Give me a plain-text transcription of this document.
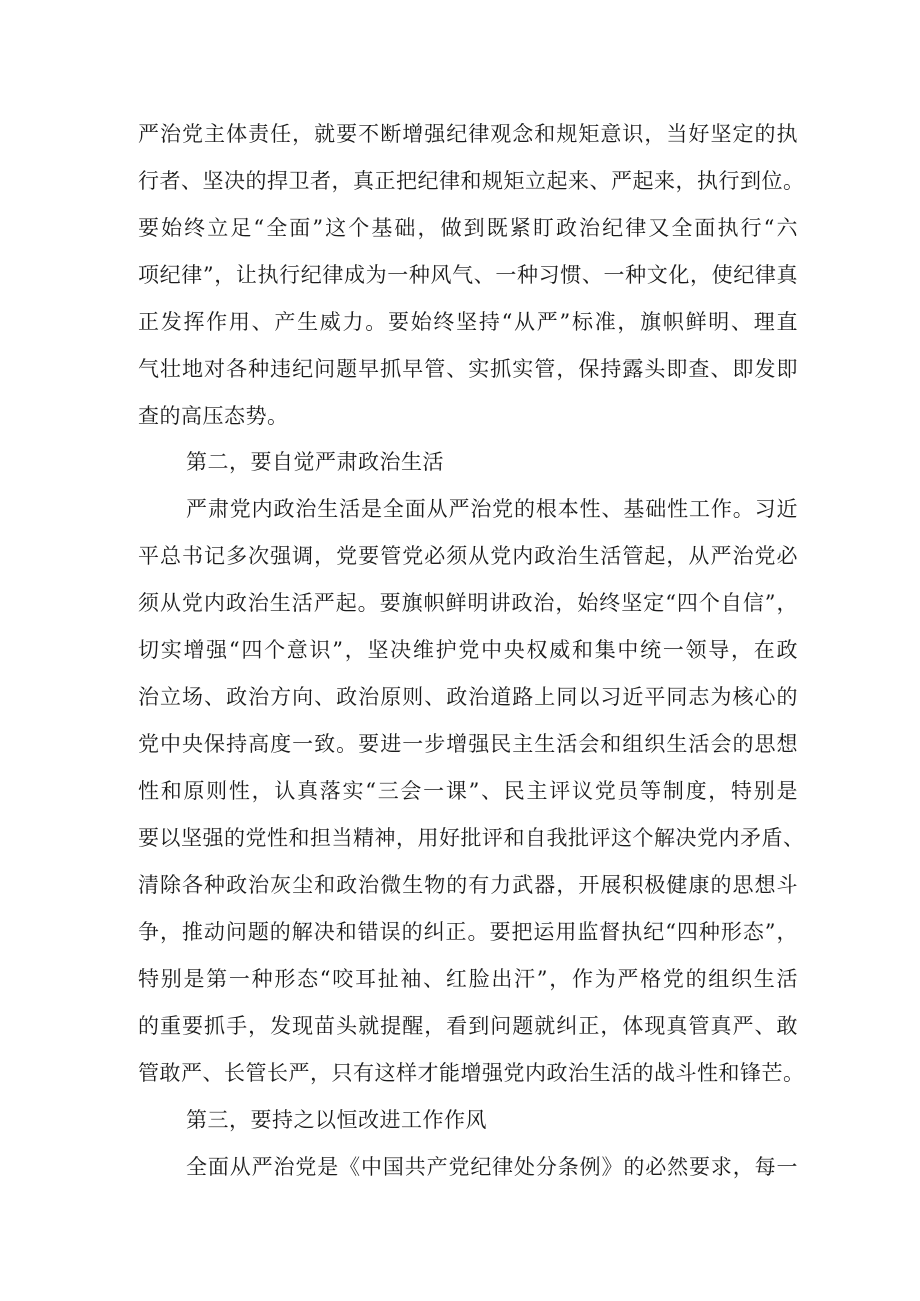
严治党主体责任，就要不断增强纪律观念和规矩意识，当好坚定的执
行者、坚决的捍卫者，真正把纪律和规矩立起来、严起来，执行到位。
要始终立足“全面”这个基础，做到既紧盯政治纪律又全面执行“六
项纪律”，让执行纪律成为一种风气、一种习惯、一种文化，使纪律真
正发挥作用、产生威力。要始终坚持“从严”标准，旗帜鲜明、理直
气壮地对各种违纪问题早抓早管、实抓实管，保持露头即查、即发即
查的高压态势。
第二，要自觉严肃政治生活
严肃党内政治生活是全面从严治党的根本性、基础性工作。习近
平总书记多次强调，党要管党必须从党内政治生活管起，从严治党必
须从党内政治生活严起。要旗帜鲜明讲政治，始终坚定“四个自信”，
切实增强“四个意识”，坚决维护党中央权威和集中统一领导，在政
治立场、政治方向、政治原则、政治道路上同以习近平同志为核心的
党中央保持高度一致。要进一步增强民主生活会和组织生活会的思想
性和原则性，认真落实“三会一课”、民主评议党员等制度，特别是
要以坚强的党性和担当精神，用好批评和自我批评这个解决党内矛盾、
清除各种政治灰尘和政治微生物的有力武器，开展积极健康的思想斗
争，推动问题的解决和错误的纠正。要把运用监督执纪“四种形态”，
特别是第一种形态“咬耳扯袖、红脸出汗”，作为严格党的组织生活
的重要抓手，发现苗头就提醒，看到问题就纠正，体现真管真严、敢
管敢严、长管长严，只有这样才能增强党内政治生活的战斗性和锋芒。
第三，要持之以恒改进工作作风
全面从严治党是《中国共产党纪律处分条例》的必然要求，每一
